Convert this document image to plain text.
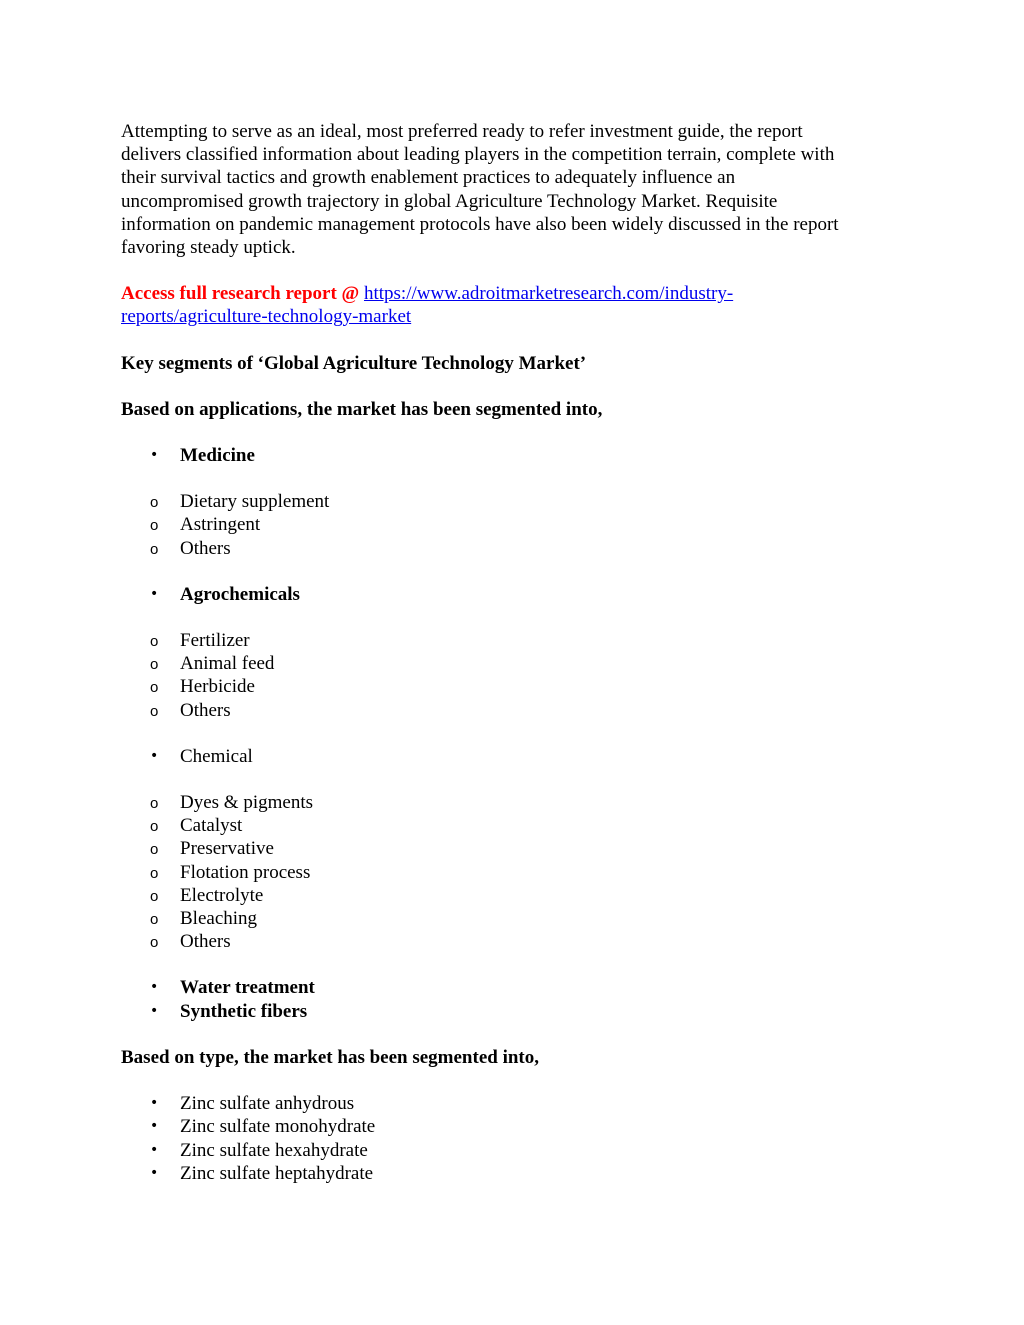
Attempting to serve as an ideal, most preferred ready to refer investment guide, the report
delivers classified information about leading players in the competition terrain, complete with
their survival tactics and growth enablement practices to adequately influence an
uncompromised growth trajectory in global Agriculture Technology Market. Requisite
information on pandemic management protocols have also been widely discussed in the report
favoring steady uptick.
Access full research report @ https://www.adroitmarketresearch.com/industry-
reports/agriculture-technology-market
Key segments of ‘Global Agriculture Technology Market’
Based on applications, the market has been segmented into,
• Medicine
o Dietary supplement
o Astringent
o Others
• Agrochemicals
o Fertilizer
o Animal feed
o Herbicide
o Others
• Chemical
o Dyes & pigments
o Catalyst
o Preservative
o Flotation process
o Electrolyte
o Bleaching
o Others
• Water treatment
• Synthetic fibers
Based on type, the market has been segmented into,
• Zinc sulfate anhydrous
• Zinc sulfate monohydrate
• Zinc sulfate hexahydrate
• Zinc sulfate heptahydrate
